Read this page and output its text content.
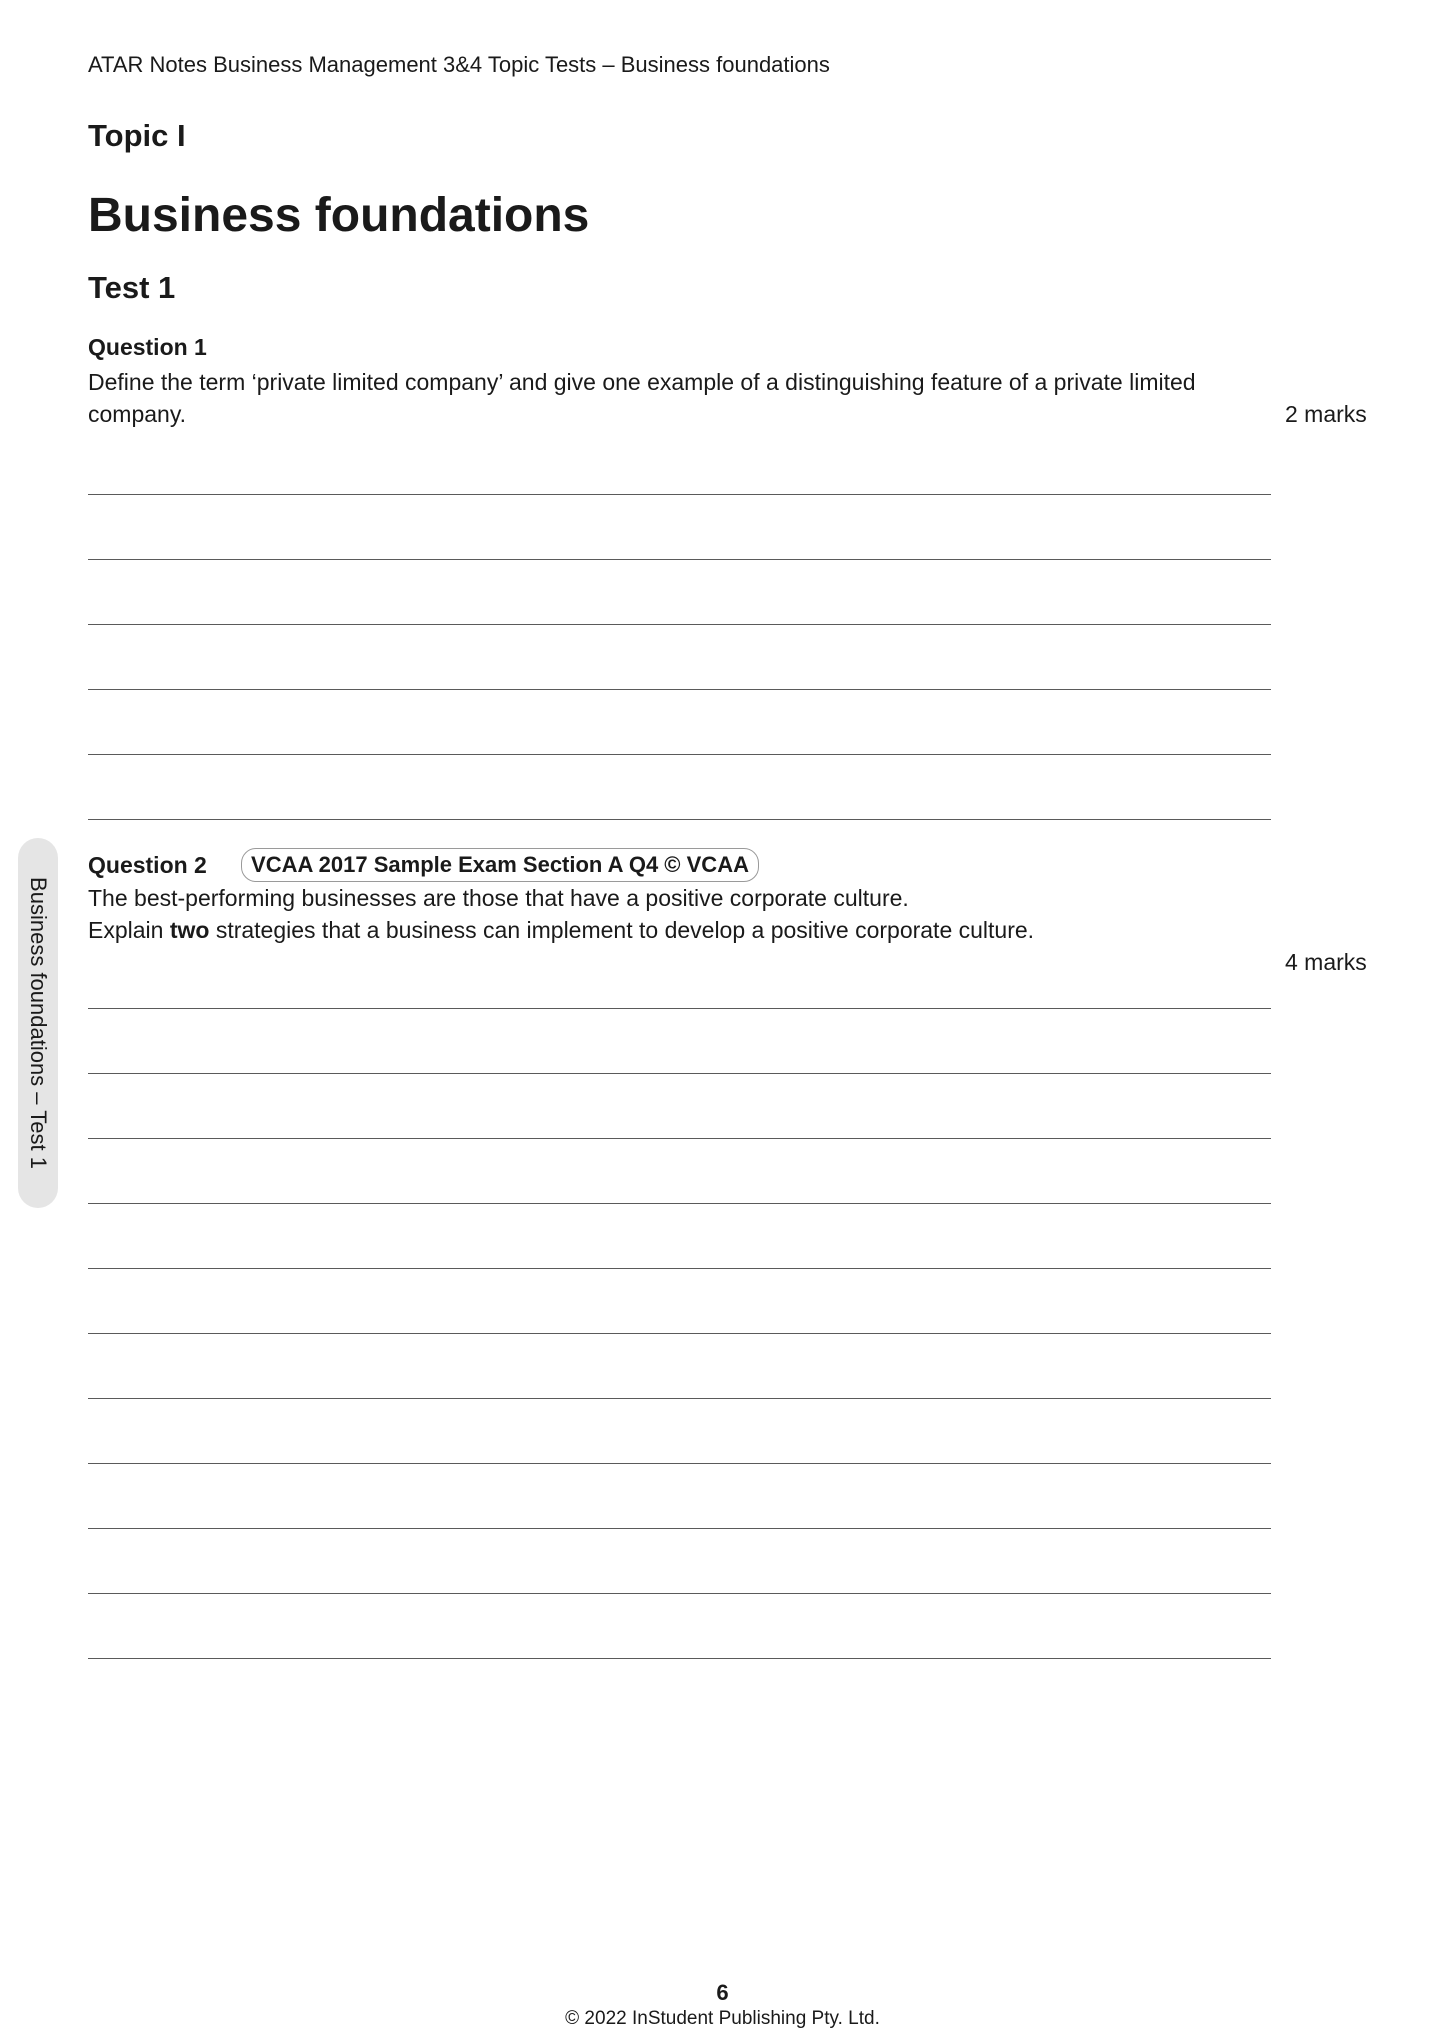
ATAR Notes Business Management 3&4 Topic Tests – Business foundations
Topic I
Business foundations
Test 1
Question 1
Define the term ‘private limited company’ and give one example of a distinguishing feature of a private limited
company.	2 marks
Question 2	VCAA 2017 Sample Exam Section A Q4 © VCAA
The best-performing businesses are those that have a positive corporate culture.
Explain two strategies that a business can implement to develop a positive corporate culture.
4 marks
Business foundations – Test 1
6
© 2022 InStudent Publishing Pty. Ltd.
